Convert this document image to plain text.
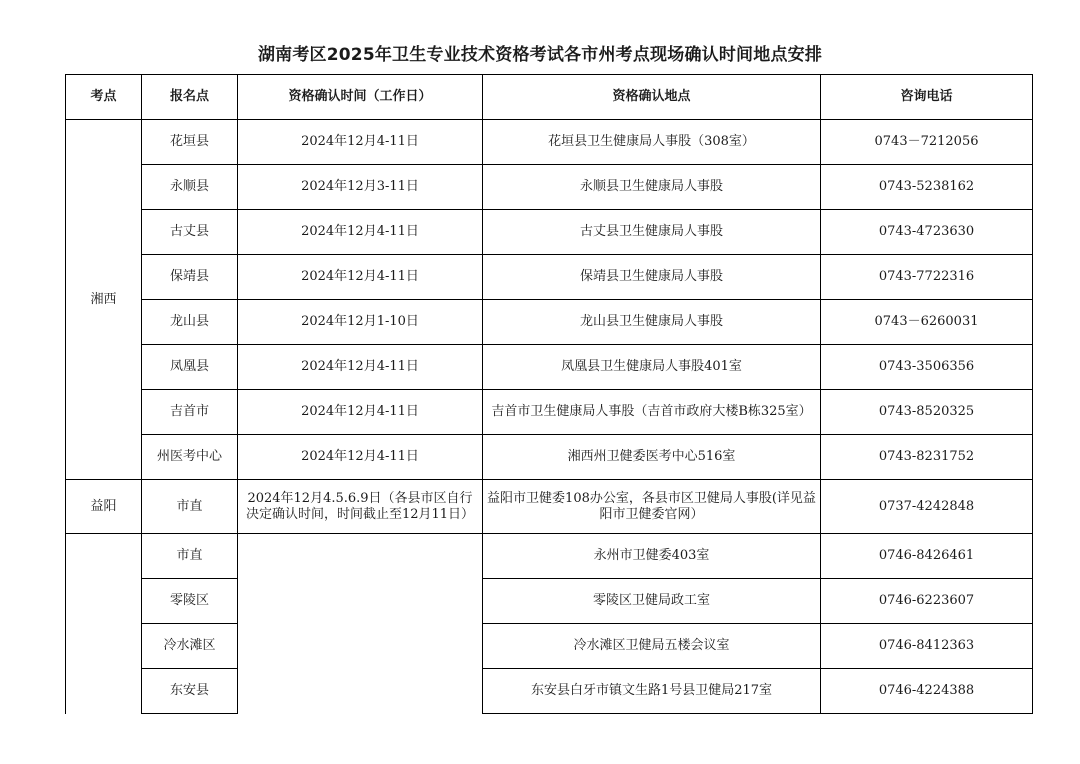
湖南考区2025年卫生专业技术资格考试各市州考点现场确认时间地点安排
考点	报名点	资格确认时间（工作日）	资格确认地点	咨询电话
湘西	花垣县	2024年12月4-11日	花垣县卫生健康局人事股（308室）	0743－7212056
	永顺县	2024年12月3-11日	永顺县卫生健康局人事股	0743-5238162
	古丈县	2024年12月4-11日	古丈县卫生健康局人事股	0743-4723630
	保靖县	2024年12月4-11日	保靖县卫生健康局人事股	0743-7722316
	龙山县	2024年12月1-10日	龙山县卫生健康局人事股	0743－6260031
	凤凰县	2024年12月4-11日	凤凰县卫生健康局人事股401室	0743-3506356
	吉首市	2024年12月4-11日	吉首市卫生健康局人事股（吉首市政府大楼B栋325室）	0743-8520325
	州医考中心	2024年12月4-11日	湘西州卫健委医考中心516室	0743-8231752
益阳	市直	2024年12月4.5.6.9日（各县市区自行决定确认时间，时间截止至12月11日）	益阳市卫健委108办公室，各县市区卫健局人事股(详见益阳市卫健委官网）	0737-4242848
	市直		永州市卫健委403室	0746-8426461
	零陵区		零陵区卫健局政工室	0746-6223607
	冷水滩区		冷水滩区卫健局五楼会议室	0746-8412363
	东安县		东安县白牙市镇文生路1号县卫健局217室	0746-4224388
